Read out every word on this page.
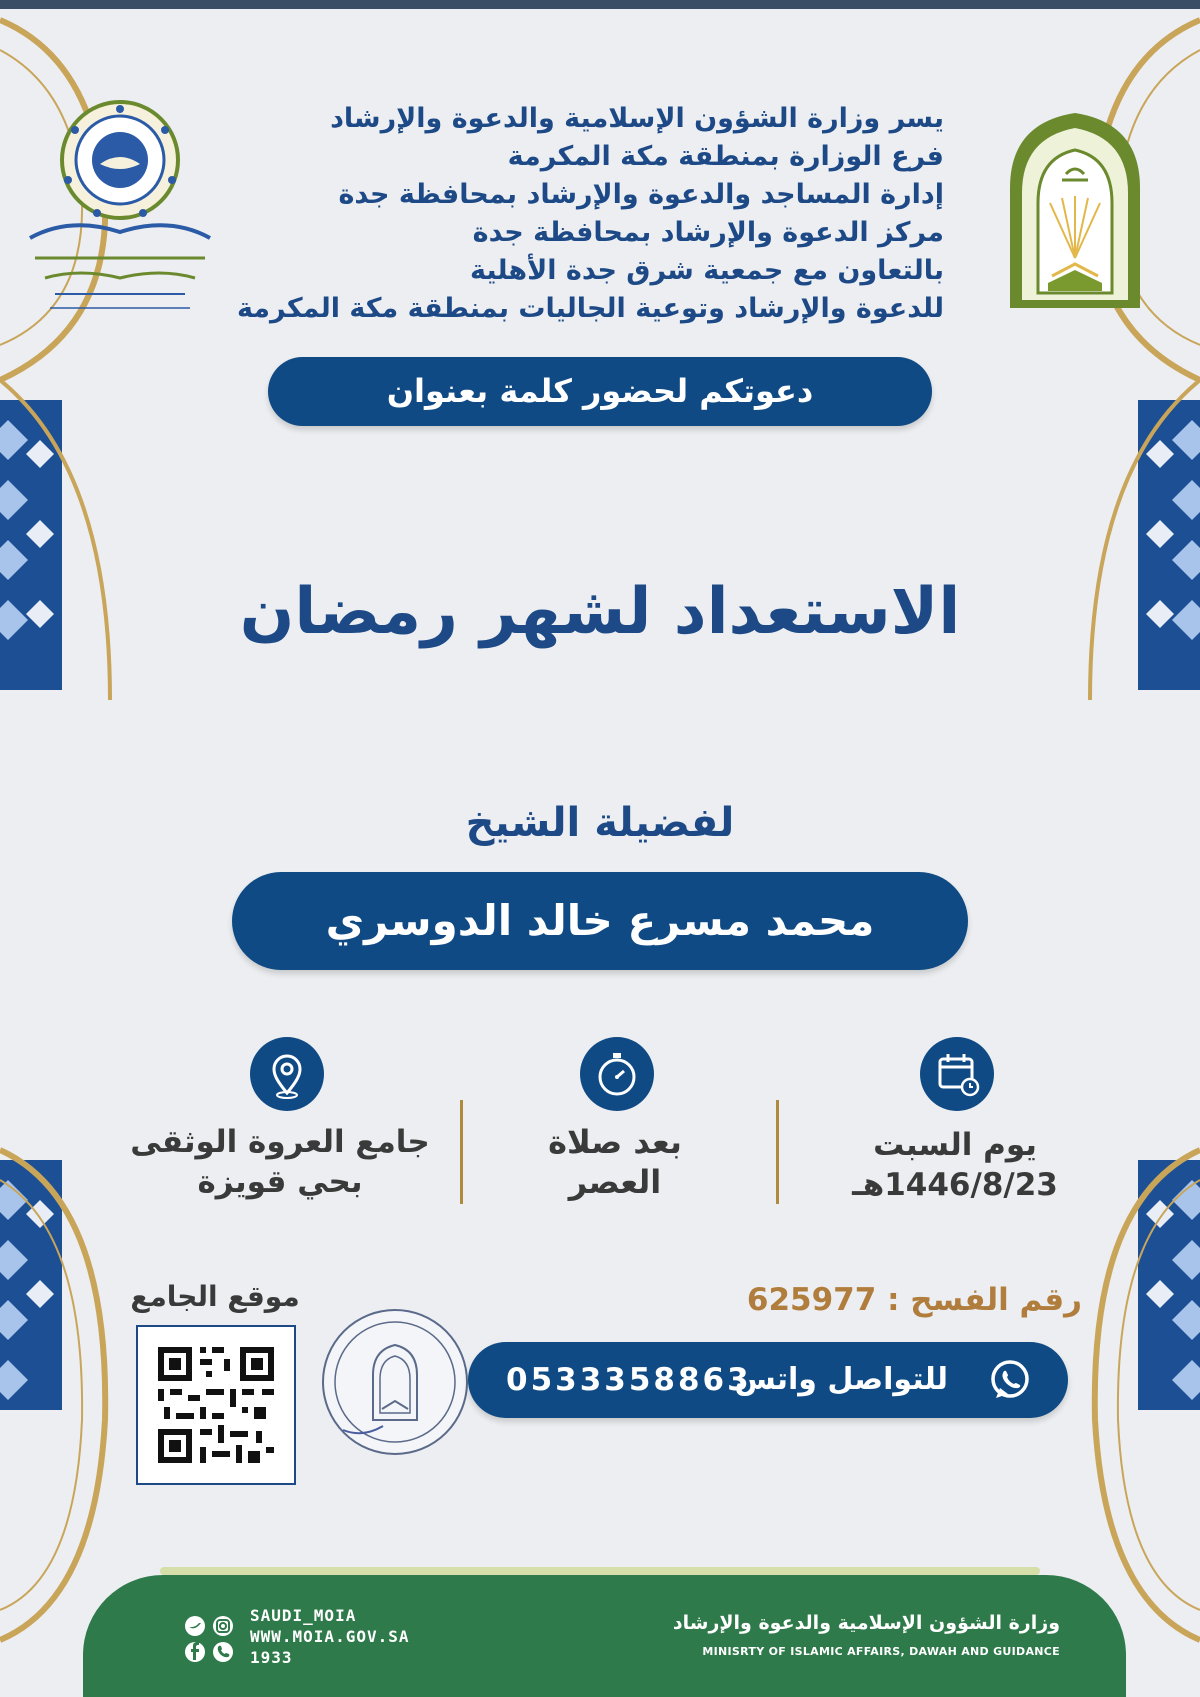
يسر وزارة الشؤون الإسلامية والدعوة والإرشاد
فرع الوزارة بمنطقة مكة المكرمة
إدارة المساجد والدعوة والإرشاد بمحافظة جدة
مركز الدعوة والإرشاد بمحافظة جدة
بالتعاون مع جمعية شرق جدة الأهلية
للدعوة والإرشاد وتوعية الجاليات بمنطقة مكة المكرمة
دعوتكم لحضور كلمة بعنوان
الاستعداد لشهر رمضان
لفضيلة الشيخ
محمد مسرع خالد الدوسري
يوم السبت
1446/8/23هـ
بعد صلاة
العصر
جامع العروة الوثقى
بحي قويزة
رقم الفسح : 625977
للتواصل واتس
0533358863
موقع الجامع
وزارة الشؤون الإسلامية والدعوة والإرشاد
MINISRTY OF ISLAMIC AFFAIRS, DAWAH AND GUIDANCE
SAUDI_MOIA
WWW.MOIA.GOV.SA
1933
